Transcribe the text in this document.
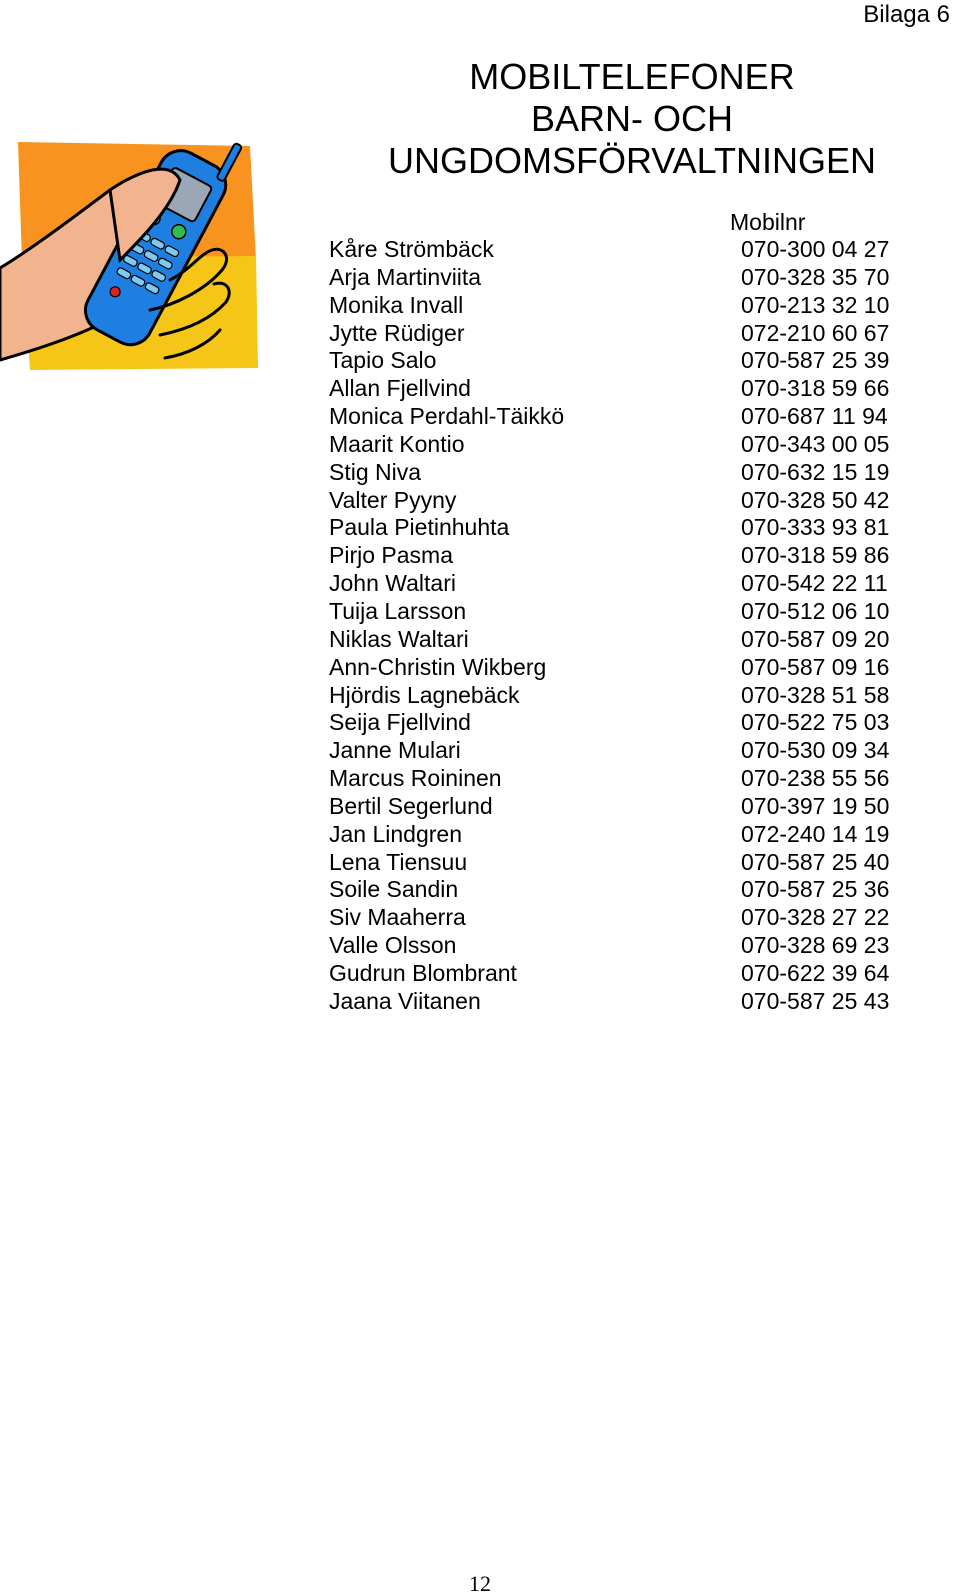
Bilaga 6
MOBILTELEFONER
BARN- OCH
UNGDOMSFÖRVALTNINGEN
Mobilnr
Kåre Strömbäck	070-300 04 27
Arja Martinviita	070-328 35 70
Monika Invall	070-213 32 10
Jytte Rüdiger	072-210 60 67
Tapio Salo	070-587 25 39
Allan Fjellvind	070-318 59 66
Monica Perdahl-Täikkö	070-687 11 94
Maarit Kontio	070-343 00 05
Stig Niva	070-632 15 19
Valter Pyyny	070-328 50 42
Paula Pietinhuhta	070-333 93 81
Pirjo Pasma	070-318 59 86
John Waltari	070-542 22 11
Tuija Larsson	070-512 06 10
Niklas Waltari	070-587 09 20
Ann-Christin Wikberg	070-587 09 16
Hjördis Lagnebäck	070-328 51 58
Seija Fjellvind	070-522 75 03
Janne Mulari	070-530 09 34
Marcus Roininen	070-238 55 56
Bertil Segerlund	070-397 19 50
Jan Lindgren	072-240 14 19
Lena Tiensuu	070-587 25 40
Soile Sandin	070-587 25 36
Siv Maaherra	070-328 27 22
Valle Olsson	070-328 69 23
Gudrun Blombrant	070-622 39 64
Jaana Viitanen	070-587 25 43
12
